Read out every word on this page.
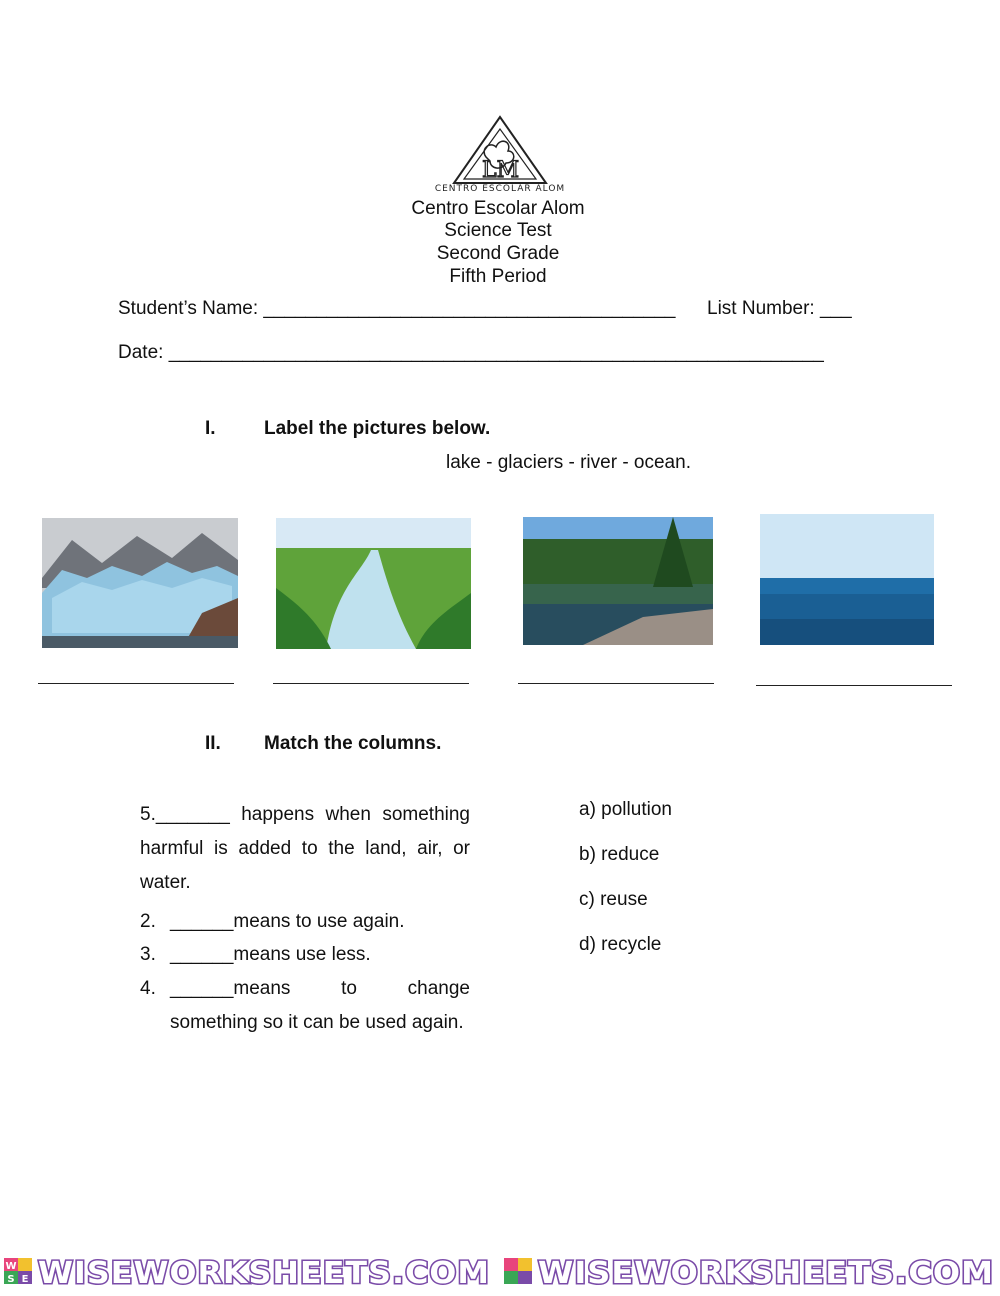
LM
CENTRO ESCOLAR ALOM
Centro Escolar Alom
Science Test
Second Grade
Fifth Period
Student’s Name: _______________________________________ List Number: ___
Date: ______________________________________________________________
I.	Label the pictures below.
lake - glaciers - river - ocean.
II. Match the columns.
5._______ happens when something harmful is added to the land, air, or water.
2. ______means to use again.
3. ______means use less.
4. ______means	to	change
something so it can be used again.
a) pollution
b) reduce
c) reuse
d) recycle
W
S E WISEWORKSHEETS.COM WISEWORKSHEETS.COM
